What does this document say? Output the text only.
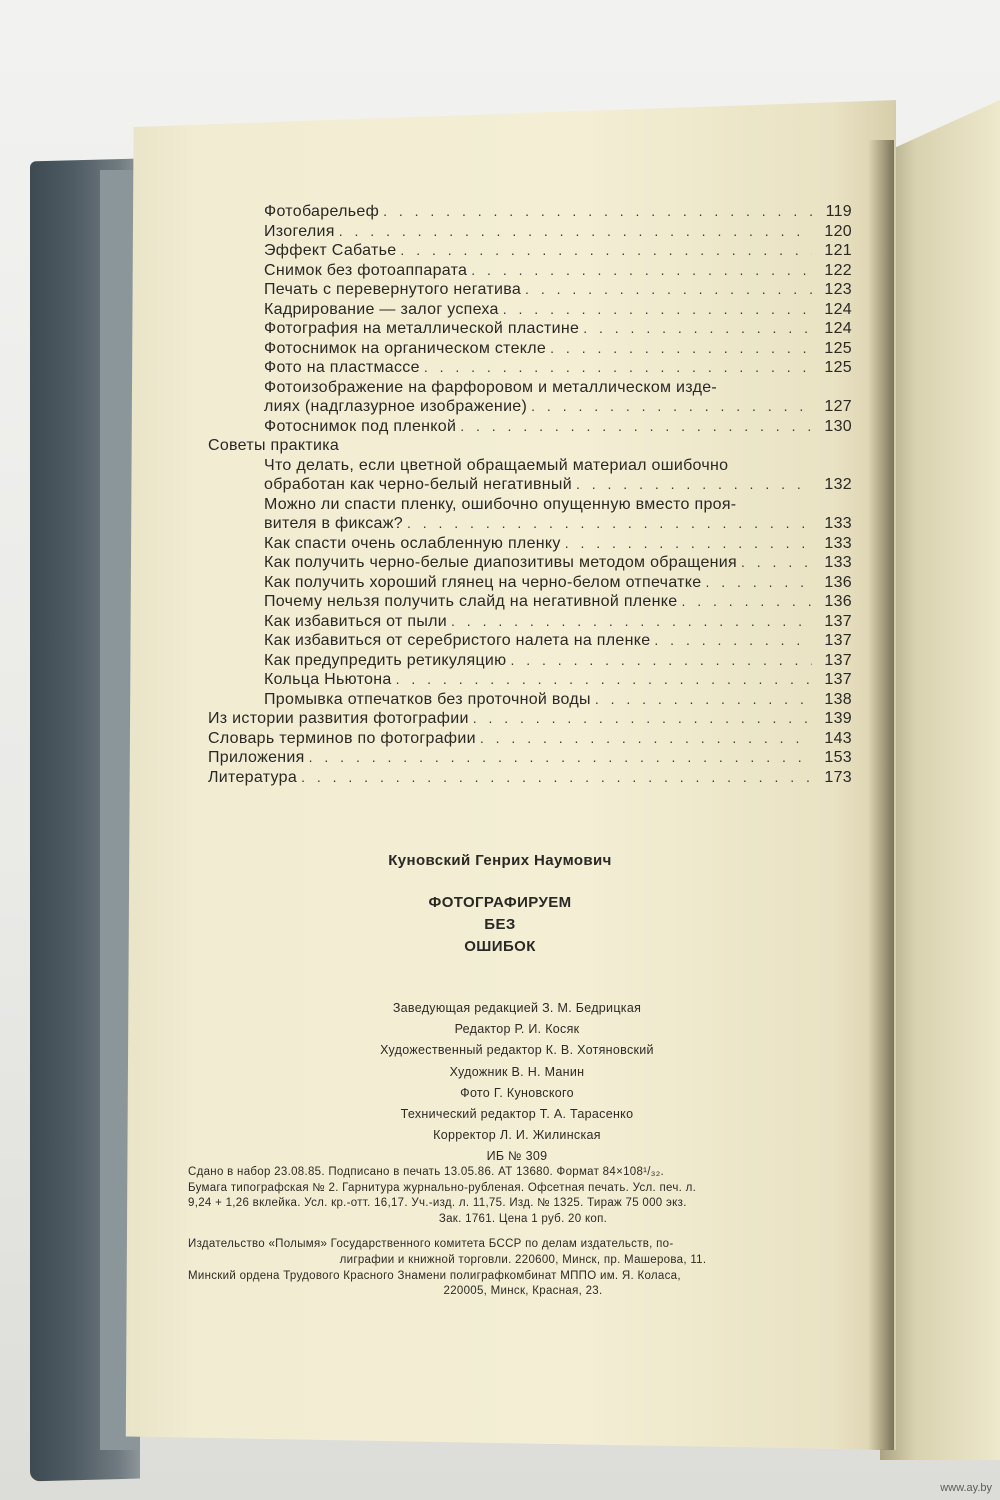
Фотобарельеф . . .	119
Изогелия . . .	120
Эффект Сабатье . . .	121
Снимок без фотоаппарата . . .	122
Печать с перевернутого негатива . . .	123
Кадрирование — залог успеха . . .	124
Фотография на металлической пластине . . .	124
Фотоснимок на органическом стекле . . .	125
Фото на пластмассе . . .	125
Фотоизображение на фарфоровом и металлическом изде-
лиях (надглазурное изображение) . . .	127
Фотоснимок под пленкой . . .	130
Советы практика
Что делать, если цветной обращаемый материал ошибочно
обработан как черно-белый негативный . . .	132
Можно ли спасти пленку, ошибочно опущенную вместо проя-
вителя в фиксаж? . . .	133
Как спасти очень ослабленную пленку . . .	133
Как получить черно-белые диапозитивы методом обращения . . .	133
Как получить хороший глянец на черно-белом отпечатке . . .	136
Почему нельзя получить слайд на негативной пленке . . .	136
Как избавиться от пыли . . .	137
Как избавиться от серебристого налета на пленке . . .	137
Как предупредить ретикуляцию . . .	137
Кольца Ньютона . . .	137
Промывка отпечатков без проточной воды . . .	138
Из истории развития фотографии . . .	139
Словарь терминов по фотографии . . .	143
Приложения . . .	153
Литература . . .	173
Куновский Генрих Наумович
ФОТОГРАФИРУЕМ
БЕЗ
ОШИБОК
Заведующая редакцией З. М. Бедрицкая
Редактор Р. И. Косяк
Художественный редактор К. В. Хотяновский
Художник В. Н. Манин
Фото Г. Куновского
Технический редактор Т. А. Тарасенко
Корректор Л. И. Жилинская
ИБ № 309
Сдано в набор 23.08.85. Подписано в печать 13.05.86. АТ 13680. Формат 84×108¹/₃₂.
Бумага типографская № 2. Гарнитура журнально-рубленая. Офсетная печать. Усл. печ. л.
9,24 + 1,26 вклейка. Усл. кр.-отт. 16,17. Уч.-изд. л. 11,75. Изд. № 1325. Тираж 75 000 экз.
Зак. 1761. Цена 1 руб. 20 коп.
Издательство «Полымя» Государственного комитета БССР по делам издательств, по-
лиграфии и книжной торговли. 220600, Минск, пр. Машерова, 11.
Минский ордена Трудового Красного Знамени полиграфкомбинат МППО им. Я. Коласа,
220005, Минск, Красная, 23.
www.ay.by
